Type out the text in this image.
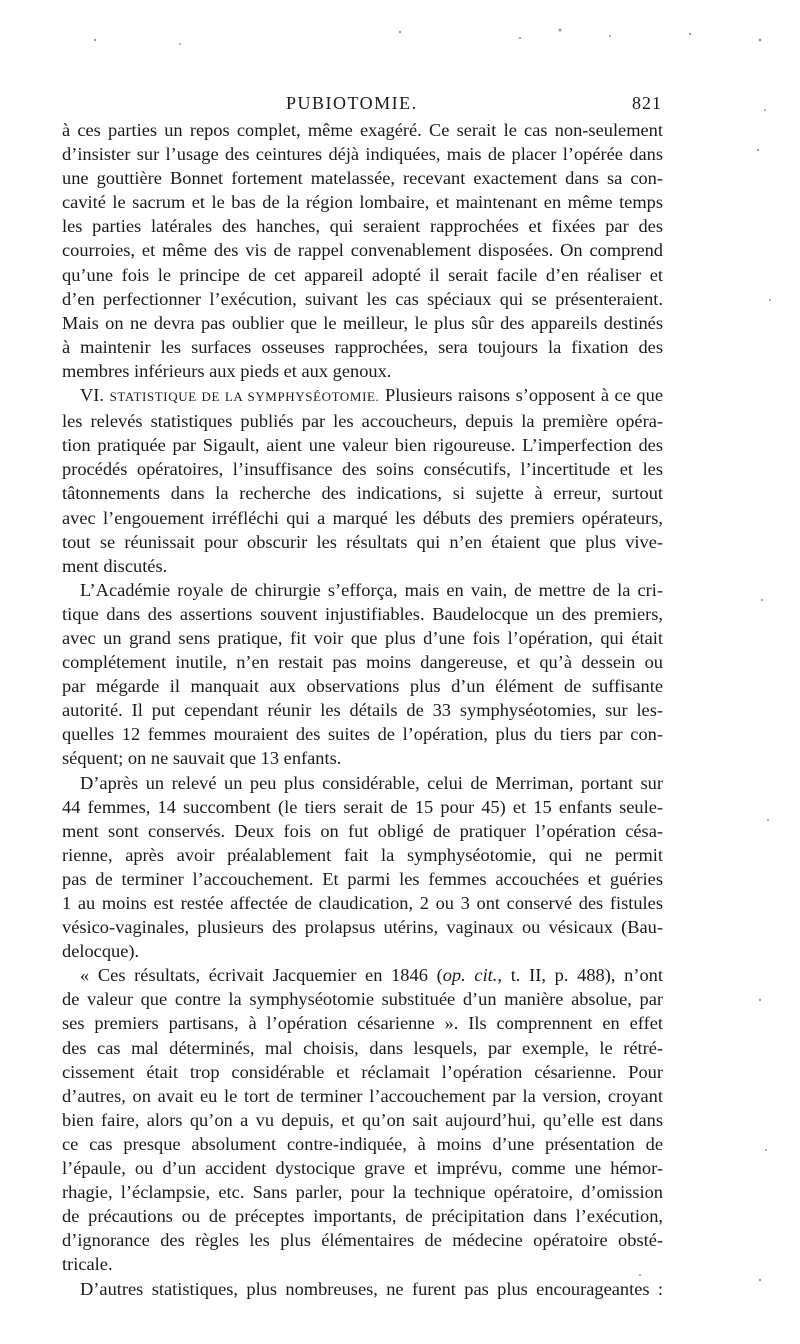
PUBIOTOMIE.	821

à ces parties un repos complet, même exagéré. Ce serait le cas non-seulement

d’insister sur l’usage des ceintures déjà indiquées, mais de placer l’opérée dans

une gouttière Bonnet fortement matelassée, recevant exactement dans sa con-

cavité le sacrum et le bas de la région lombaire, et maintenant en même temps

les parties latérales des hanches, qui seraient rapprochées et fixées par des

courroies, et même des vis de rappel convenablement disposées. On comprend

qu’une fois le principe de cet appareil adopté il serait facile d’en réaliser et

d’en perfectionner l’exécution, suivant les cas spéciaux qui se présenteraient.

Mais on ne devra pas oublier que le meilleur, le plus sûr des appareils destinés

à maintenir les surfaces osseuses rapprochées, sera toujours la fixation des

membres inférieurs aux pieds et aux genoux.

VI. STATISTIQUE DE LA SYMPHYSÉOTOMIE. Plusieurs raisons s’opposent à ce que

les relevés statistiques publiés par les accoucheurs, depuis la première opéra-

tion pratiquée par Sigault, aient une valeur bien rigoureuse. L’imperfection des

procédés opératoires, l’insuffisance des soins consécutifs, l’incertitude et les

tâtonnements dans la recherche des indications, si sujette à erreur, surtout

avec l’engouement irréfléchi qui a marqué les débuts des premiers opérateurs,

tout se réunissait pour obscurir les résultats qui n’en étaient que plus vive-

ment discutés.

L’Académie royale de chirurgie s’efforça, mais en vain, de mettre de la cri-

tique dans des assertions souvent injustifiables. Baudelocque un des premiers,

avec un grand sens pratique, fit voir que plus d’une fois l’opération, qui était

complétement inutile, n’en restait pas moins dangereuse, et qu’à dessein ou

par mégarde il manquait aux observations plus d’un élément de suffisante

autorité. Il put cependant réunir les détails de 33 symphyséotomies, sur les-

quelles 12 femmes mouraient des suites de l’opération, plus du tiers par con-

séquent; on ne sauvait que 13 enfants.

D’après un relevé un peu plus considérable, celui de Merriman, portant sur

44 femmes, 14 succombent (le tiers serait de 15 pour 45) et 15 enfants seule-

ment sont conservés. Deux fois on fut obligé de pratiquer l’opération césa-

rienne, après avoir préalablement fait la symphyséotomie, qui ne permit

pas de terminer l’accouchement. Et parmi les femmes accouchées et guéries

1 au moins est restée affectée de claudication, 2 ou 3 ont conservé des fistules

vésico-vaginales, plusieurs des prolapsus utérins, vaginaux ou vésicaux (Bau-

delocque).

« Ces résultats, écrivait Jacquemier en 1846 (op. cit., t. II, p. 488), n’ont

de valeur que contre la symphyséotomie substituée d’un manière absolue, par

ses premiers partisans, à l’opération césarienne ». Ils comprennent en effet

des cas mal déterminés, mal choisis, dans lesquels, par exemple, le rétré-

cissement était trop considérable et réclamait l’opération césarienne. Pour

d’autres, on avait eu le tort de terminer l’accouchement par la version, croyant

bien faire, alors qu’on a vu depuis, et qu’on sait aujourd’hui, qu’elle est dans

ce cas presque absolument contre-indiquée, à moins d’une présentation de

l’épaule, ou d’un accident dystocique grave et imprévu, comme une hémor-

rhagie, l’éclampsie, etc. Sans parler, pour la technique opératoire, d’omission

de précautions ou de préceptes importants, de précipitation dans l’exécution,

d’ignorance des règles les plus élémentaires de médecine opératoire obsté-

tricale.

D’autres statistiques, plus nombreuses, ne furent pas plus encourageantes :
